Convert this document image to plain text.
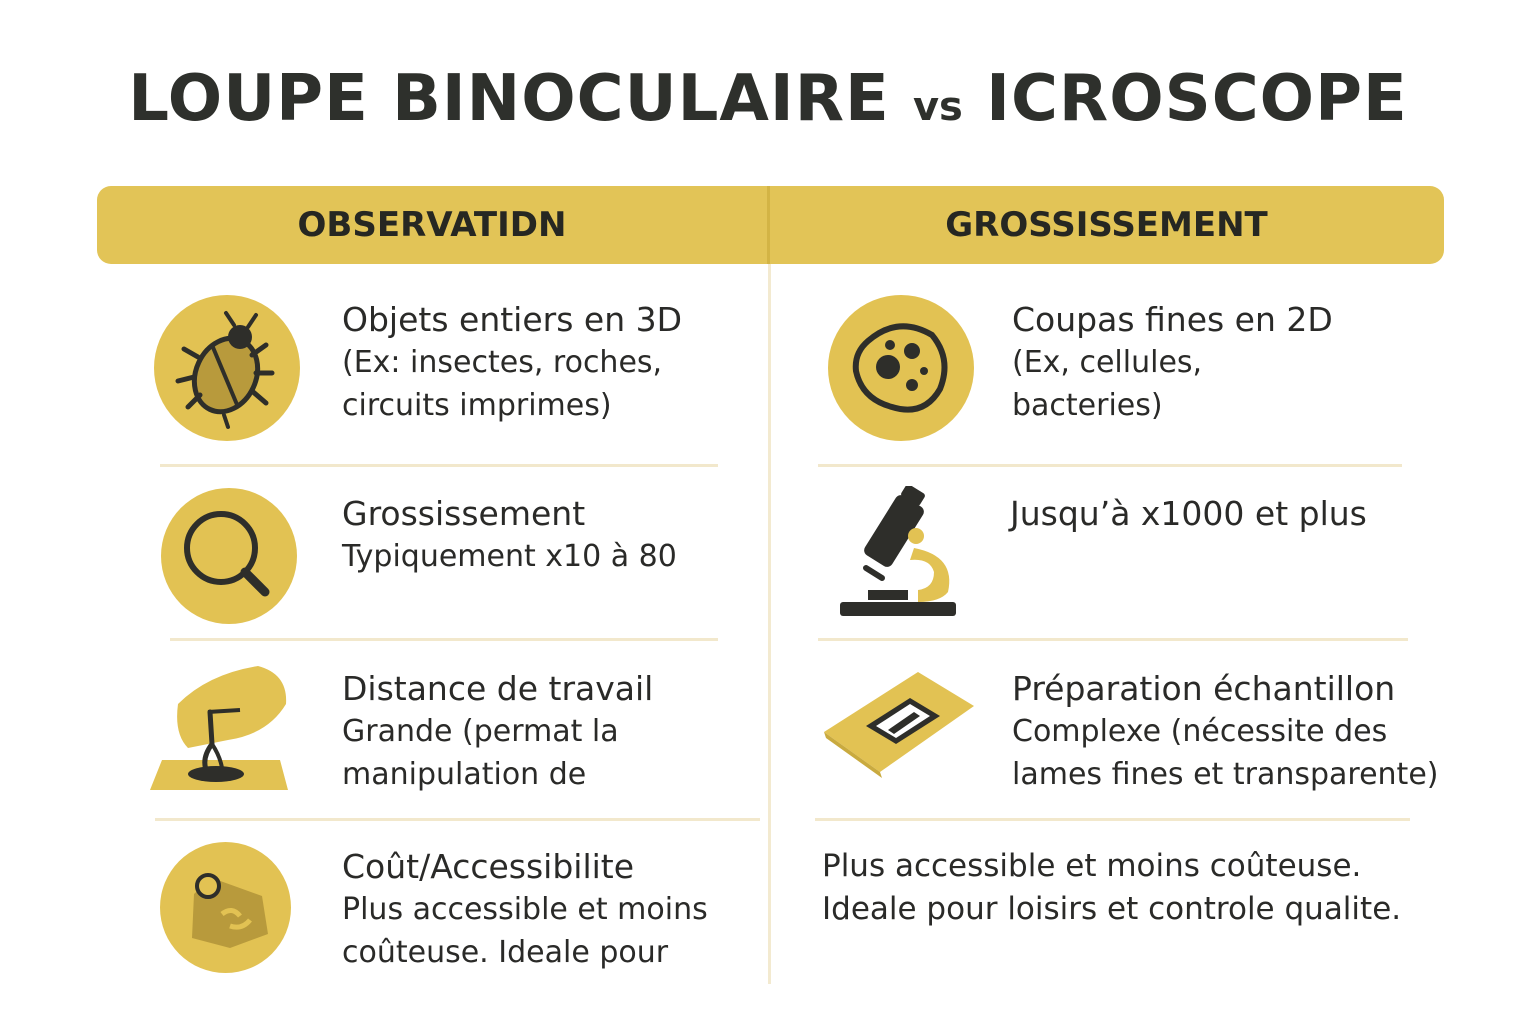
LOUPE BINOCULAIRE vs ICROSCOPE
OBSERVATIDN	GROSSISSEMENT
Objets entiers en 3D
(Ex: insectes, roches,
circuits imprimes)
Grossissement
Typiquement x10 à 80
Distance de travail
Grande (permat la
manipulation de
Coût/Accessibilite
Plus accessible et moins
coûteuse. Ideale pour
Coupas fines en 2D
(Ex, cellules,
bacteries)
Jusqu’à x1000 et plus
Préparation échantillon
Complexe (nécessite des
lames fines et transparente)
Plus accessible et moins coûteuse.
Ideale pour loisirs et controle qualite.
